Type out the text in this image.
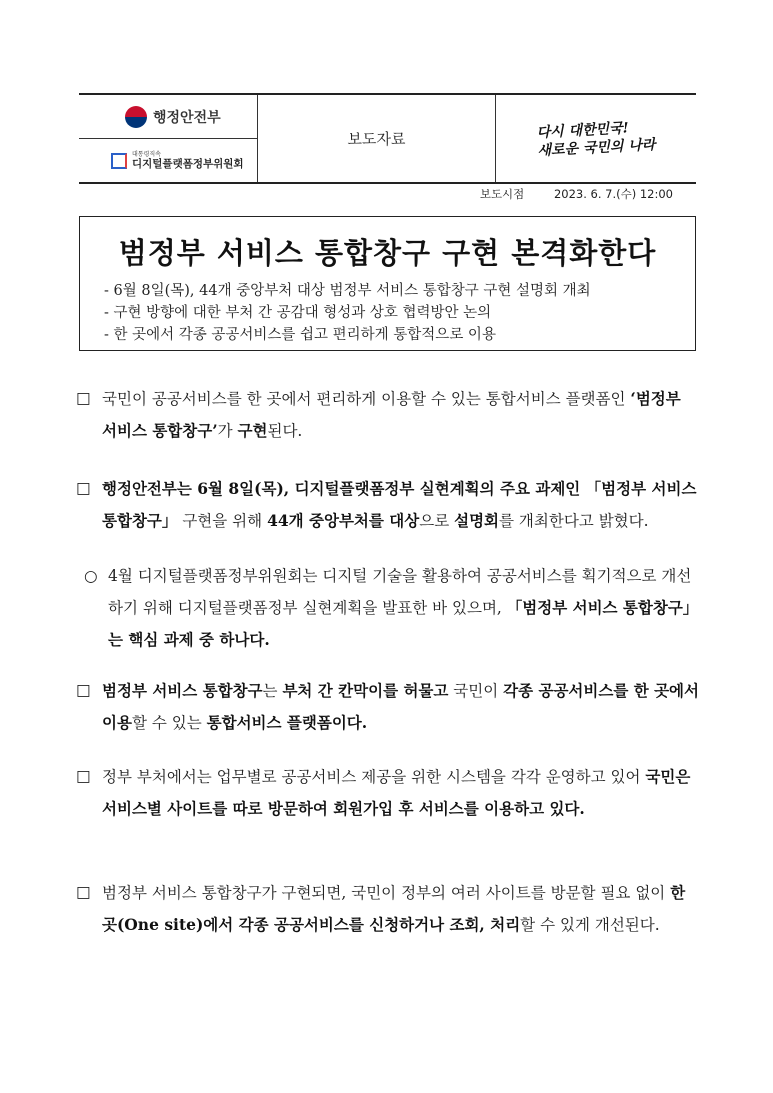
행정안전부
대통령직속
디지털플랫폼정부위원회
보도자료	다시 대한민국!
새로운 국민의 나라
보도시점	2023. 6. 7.(수) 12:00
범정부 서비스 통합창구 구현 본격화한다
- 6월 8일(목), 44개 중앙부처 대상 범정부 서비스 통합창구 구현 설명회 개최
- 구현 방향에 대한 부처 간 공감대 형성과 상호 협력방안 논의
- 한 곳에서 각종 공공서비스를 쉽고 편리하게 통합적으로 이용
□ 국민이 공공서비스를 한 곳에서 편리하게 이용할 수 있는 통합서비스 플랫폼인 ‘범정부 서비스 통합창구’가 구현된다.
□ 행정안전부는 6월 8일(목), 디지털플랫폼정부 실현계획의 주요 과제인 「범정부 서비스 통합창구」 구현을 위해 44개 중앙부처를 대상으로 설명회를 개최한다고 밝혔다.
○ 4월 디지털플랫폼정부위원회는 디지털 기술을 활용하여 공공서비스를 획기적으로 개선하기 위해 디지털플랫폼정부 실현계획을 발표한 바 있으며, 「범정부 서비스 통합창구」는 핵심 과제 중 하나다.
□ 범정부 서비스 통합창구는 부처 간 칸막이를 허물고 국민이 각종 공공서비스를 한 곳에서 이용할 수 있는 통합서비스 플랫폼이다.
□ 정부 부처에서는 업무별로 공공서비스 제공을 위한 시스템을 각각 운영하고 있어 국민은 서비스별 사이트를 따로 방문하여 회원가입 후 서비스를 이용하고 있다.
□ 범정부 서비스 통합창구가 구현되면, 국민이 정부의 여러 사이트를 방문할 필요 없이 한 곳(One site)에서 각종 공공서비스를 신청하거나 조회, 처리할 수 있게 개선된다.
